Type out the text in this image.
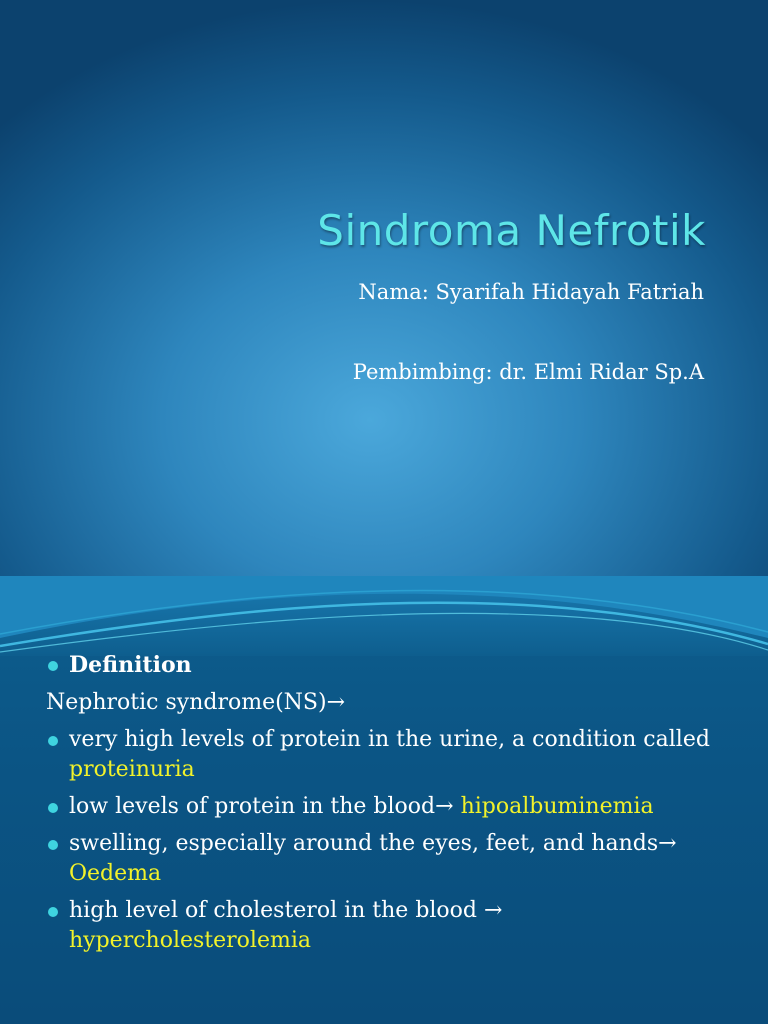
Sindroma Nefrotik

Nama: Syarifah Hidayah Fatriah

Pembimbing: dr. Elmi Ridar Sp.A

Definition
Nephrotic syndrome(NS)→
very high levels of protein in the urine, a condition called proteinuria
low levels of protein in the blood→ hipoalbuminemia
swelling, especially around the eyes, feet, and hands→ Oedema
high level of cholesterol in the blood → hypercholesterolemia
